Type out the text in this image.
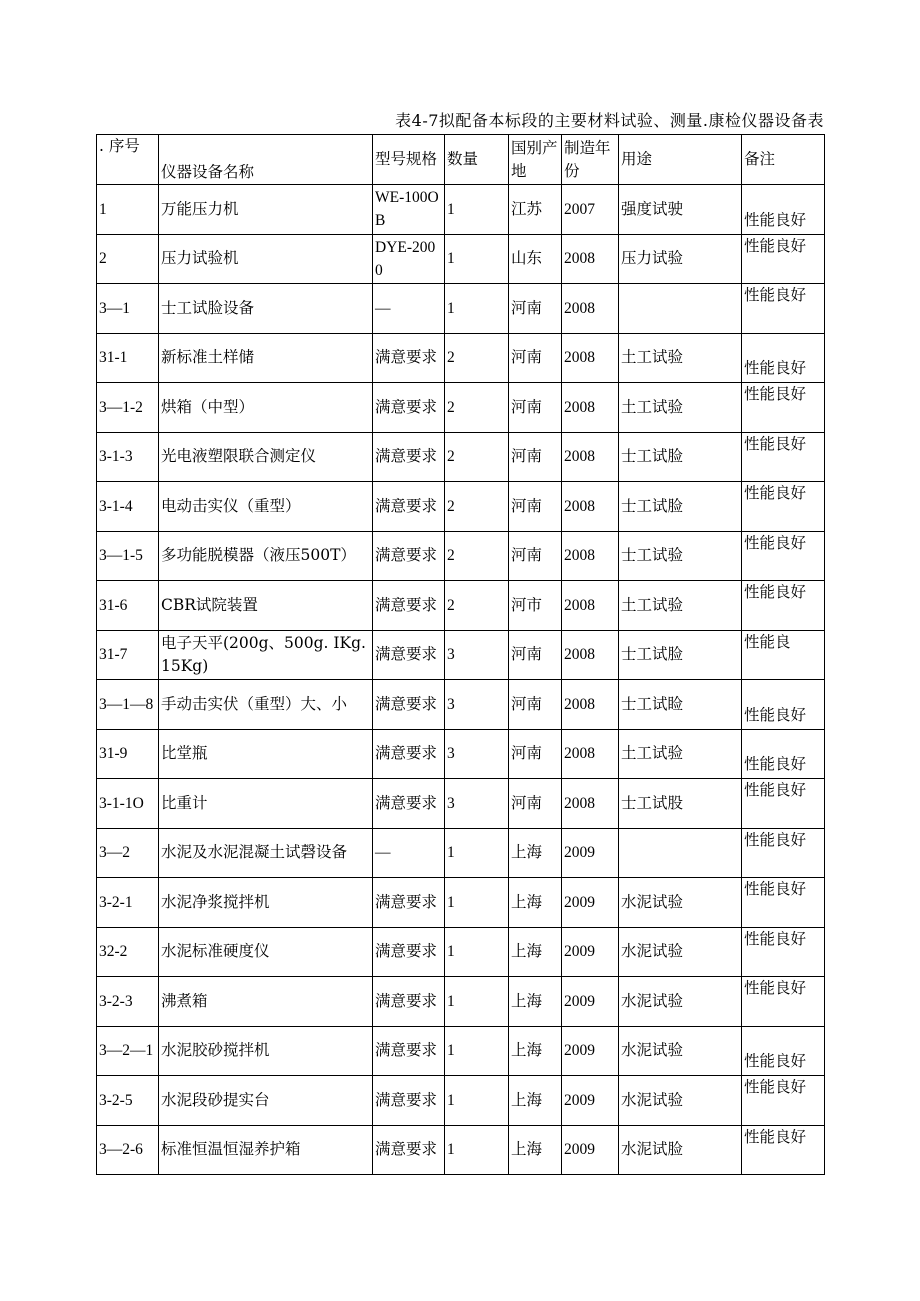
表4-7拟配备本标段的主要材料试验、测量.康检仪器设备表
. 序号	仪器设备名称	型号规格	数量	国别产地	制造年份	用途	备注
1	万能压力机	WE-100OB	1	江苏	2007	强度试驶	性能良好
2	压力试验机	DYE-2000	1	山东	2008	压力试验	性能良好
3—1	士工试脸设备	—	1	河南	2008		性能良好
31-1	新标准土样储	满意要求	2	河南	2008	土工试验	性能良好
3—1-2	烘箱（中型）	满意要求	2	河南	2008	土工试验	性能艮好
3-1-3	光电液塑限联合测定仪	满意要求	2	河南	2008	士工试脸	性能艮好
3-1-4	电动击实仪（重型）	满意要求	2	河南	2008	士工试脸	性能良好
3—1-5	多功能脱模器（液压500T）	满意要求	2	河南	2008	士工试验	性能良好
31-6	CBR试院装置	满意要求	2	河市	2008	土工试验	性能良好
31-7	电子天平(200g、500g. IKg.15Kg)	满意要求	3	河南	2008	士工试脸	性能良
3—1—8	手动击实伏（重型）大、小	满意要求	3	河南	2008	士工试睑	性能良好
31-9	比堂瓶	满意要求	3	河南	2008	土工试验	性能良好
3-1-1O	比重计	满意要求	3	河南	2008	士工试股	性能良好
3—2	水泥及水泥混凝土试磬设备	—	1	上海	2009		性能良好
3-2-1	水泥净浆搅拌机	满意要求	1	上海	2009	水泥试验	性能良好
32-2	水泥标准硬度仪	满意要求	1	上海	2009	水泥试验	性能良好
3-2-3	沸煮箱	满意要求	1	上海	2009	水泥试验	性能良好
3—2—1	水泥胶砂搅拌机	满意要求	1	上海	2009	水泥试验	性能良好
3-2-5	水泥段砂提实台	满意要求	1	上海	2009	水泥试验	性能良好
3—2-6	标准恒温恒湿养护箱	满意要求	1	上海	2009	水泥试脸	性能良好
